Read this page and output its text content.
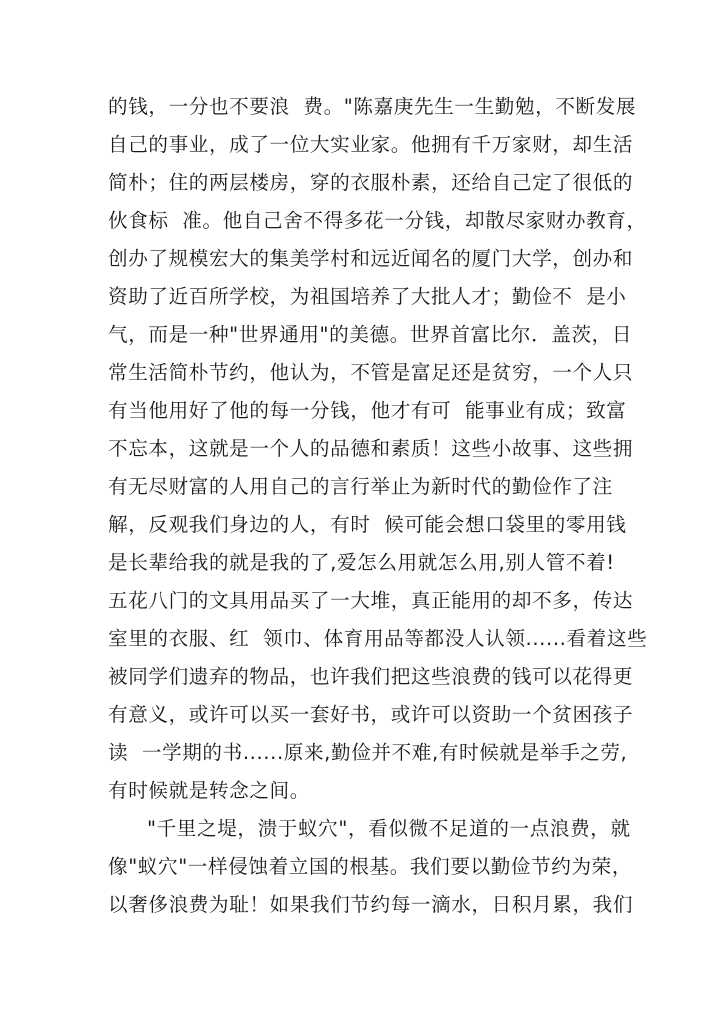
的钱，一分也不要浪  费。"陈嘉庚先生一生勤勉，不断发展
自己的事业，成了一位大实业家。他拥有千万家财，却生活
简朴；住的两层楼房，穿的衣服朴素，还给自己定了很低的
伙食标  准。他自己舍不得多花一分钱，却散尽家财办教育，
创办了规模宏大的集美学村和远近闻名的厦门大学，创办和
资助了近百所学校，为祖国培养了大批人才；勤俭不  是小
气，而是一种"世界通用"的美德。世界首富比尔．盖茨，日
常生活简朴节约，他认为，不管是富足还是贫穷，一个人只
有当他用好了他的每一分钱，他才有可  能事业有成；致富
不忘本，这就是一个人的品德和素质！这些小故事、这些拥
有无尽财富的人用自己的言行举止为新时代的勤俭作了注
解，反观我们身边的人，有时  候可能会想口袋里的零用钱
是长辈给我的就是我的了,爱怎么用就怎么用,别人管不着!
五花八门的文具用品买了一大堆，真正能用的却不多，传达
室里的衣服、红  领巾、体育用品等都没人认领......看着这些
被同学们遗弃的物品，也许我们把这些浪费的钱可以花得更
有意义，或许可以买一套好书，或许可以资助一个贫困孩子
读  一学期的书......原来,勤俭并不难,有时候就是举手之劳,
有时候就是转念之间。
"千里之堤，溃于蚁穴"，看似微不足道的一点浪费，就
像"蚁穴"一样侵蚀着立国的根基。我们要以勤俭节约为荣，
以奢侈浪费为耻！如果我们节约每一滴水，日积月累，我们
